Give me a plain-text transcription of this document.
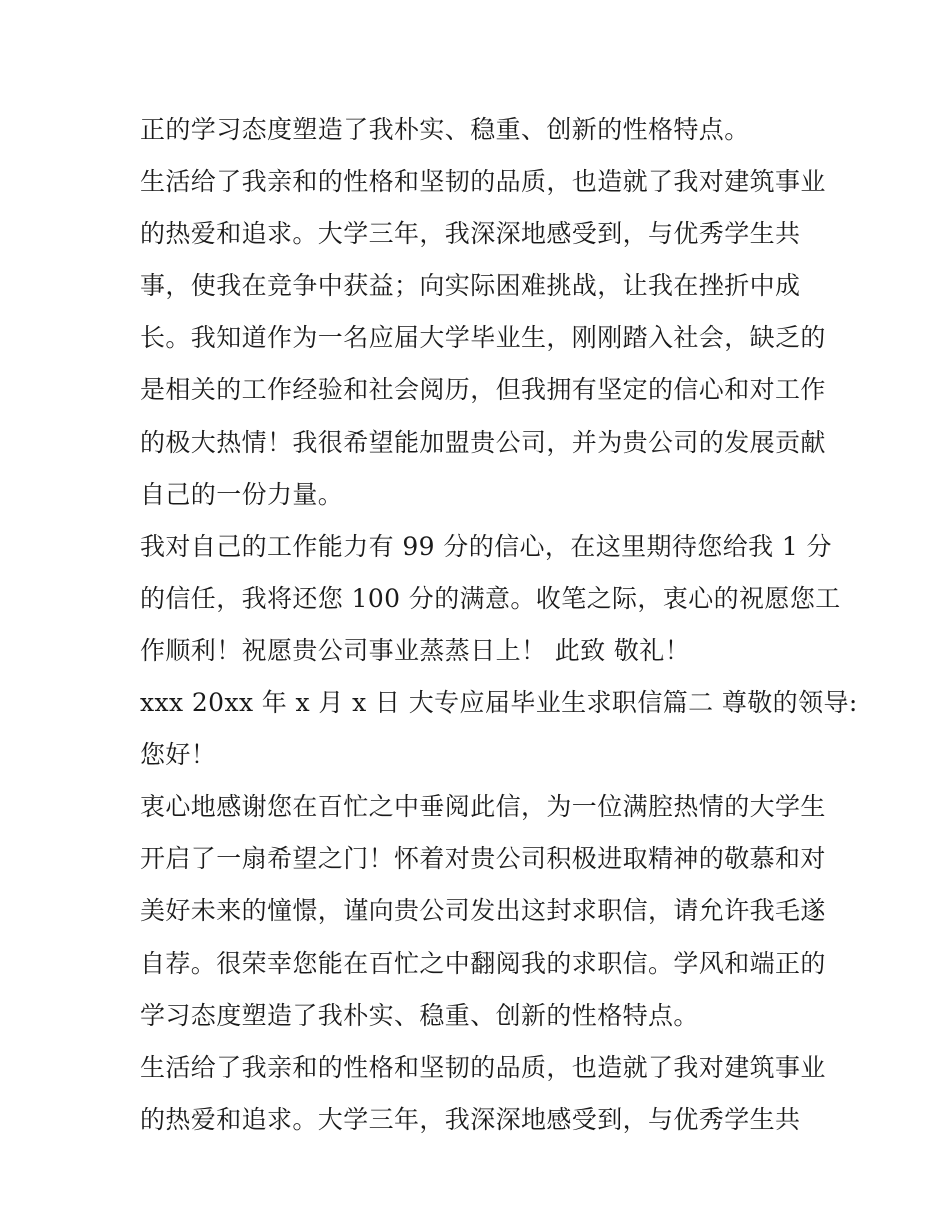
正的学习态度塑造了我朴实、稳重、创新的性格特点。
生活给了我亲和的性格和坚韧的品质，也造就了我对建筑事业
的热爱和追求。大学三年，我深深地感受到，与优秀学生共
事，使我在竞争中获益；向实际困难挑战，让我在挫折中成
长。我知道作为一名应届大学毕业生，刚刚踏入社会，缺乏的
是相关的工作经验和社会阅历，但我拥有坚定的信心和对工作
的极大热情！我很希望能加盟贵公司，并为贵公司的发展贡献
自己的一份力量。
我对自己的工作能力有 99 分的信心，在这里期待您给我 1 分
的信任，我将还您 100 分的满意。收笔之际，衷心的祝愿您工
作顺利！祝愿贵公司事业蒸蒸日上！ 此致 敬礼！
xxx 20xx 年 x 月 x 日 大专应届毕业生求职信篇二 尊敬的领导:
您好！
衷心地感谢您在百忙之中垂阅此信，为一位满腔热情的大学生
开启了一扇希望之门！怀着对贵公司积极进取精神的敬慕和对
美好未来的憧憬，谨向贵公司发出这封求职信，请允许我毛遂
自荐。很荣幸您能在百忙之中翻阅我的求职信。学风和端正的
学习态度塑造了我朴实、稳重、创新的性格特点。
生活给了我亲和的性格和坚韧的品质，也造就了我对建筑事业
的热爱和追求。大学三年，我深深地感受到，与优秀学生共
